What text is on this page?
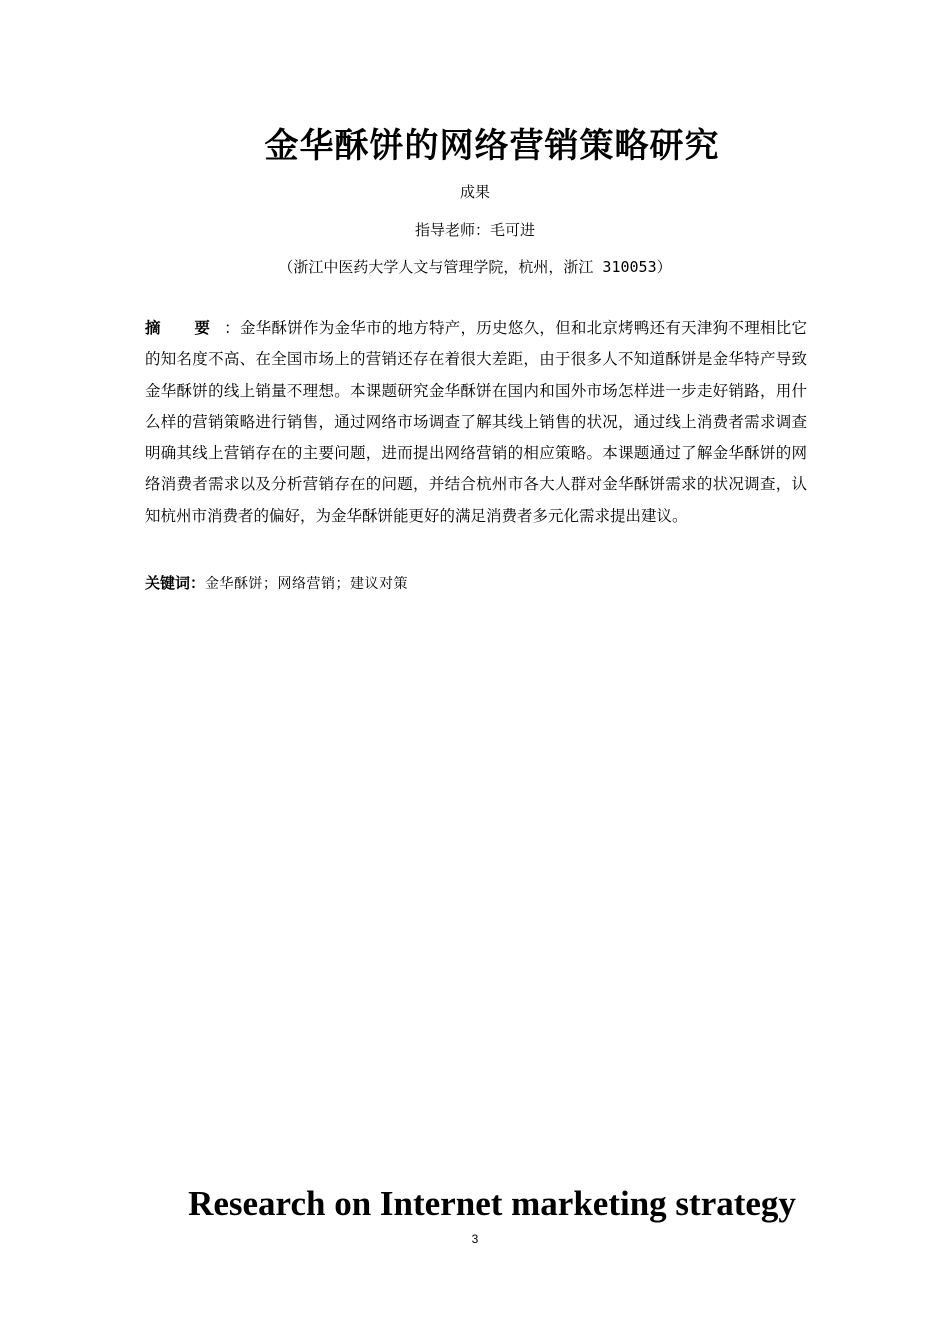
金华酥饼的网络营销策略研究
成果
指导老师：毛可进
（浙江中医药大学人文与管理学院，杭州，浙江 310053）
摘 要：金华酥饼作为金华市的地方特产，历史悠久，但和北京烤鸭还有天津狗不理相比它的知名度不高、在全国市场上的营销还存在着很大差距，由于很多人不知道酥饼是金华特产导致金华酥饼的线上销量不理想。本课题研究金华酥饼在国内和国外市场怎样进一步走好销路，用什么样的营销策略进行销售，通过网络市场调查了解其线上销售的状况，通过线上消费者需求调查明确其线上营销存在的主要问题，进而提出网络营销的相应策略。本课题通过了解金华酥饼的网络消费者需求以及分析营销存在的问题，并结合杭州市各大人群对金华酥饼需求的状况调查，认知杭州市消费者的偏好，为金华酥饼能更好的满足消费者多元化需求提出建议。
关键词：金华酥饼；网络营销；建议对策
Research on Internet marketing strategy
3
